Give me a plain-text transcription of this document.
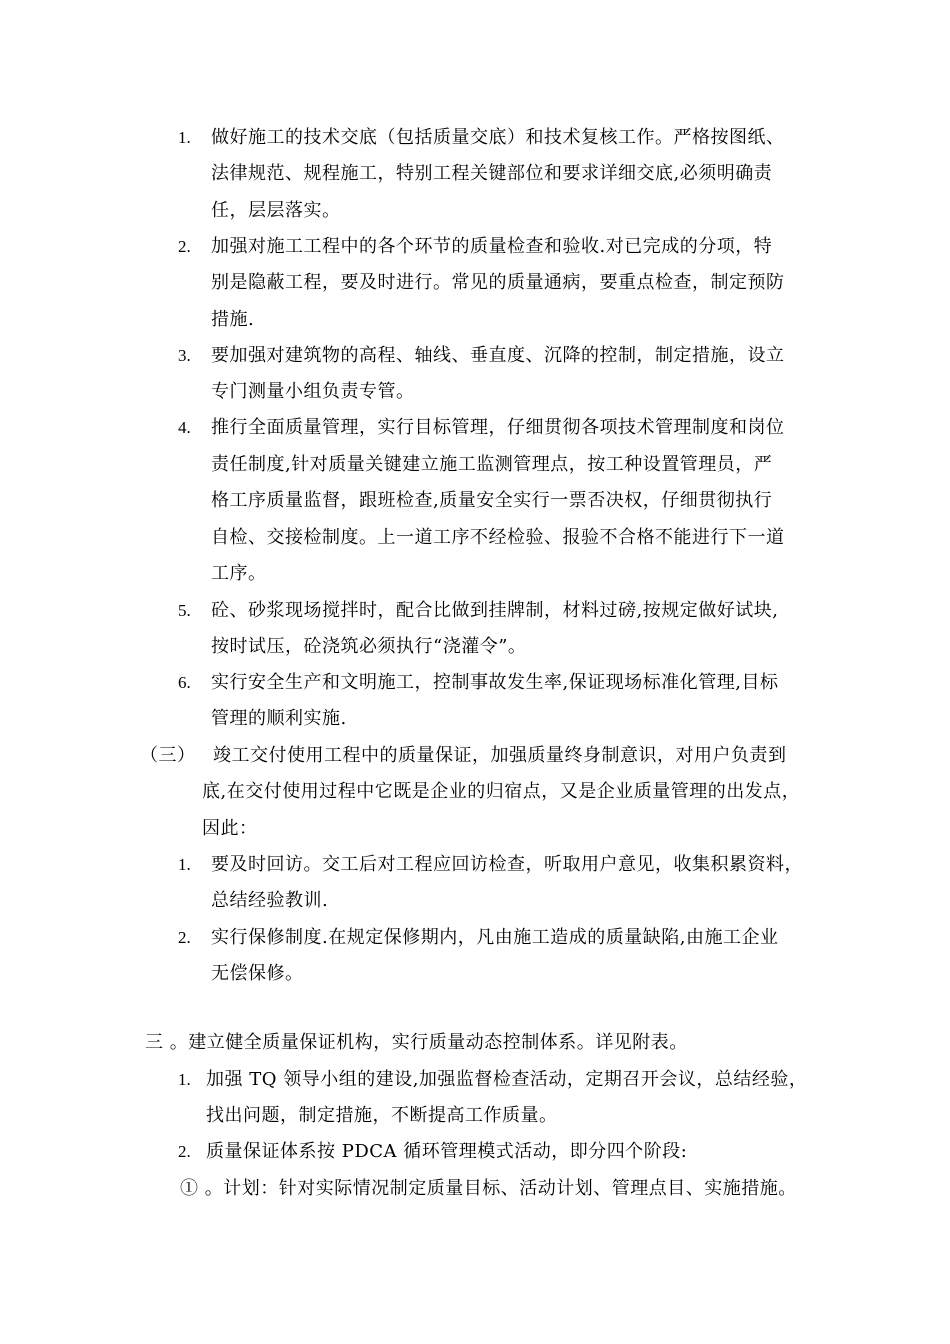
1. 做好施工的技术交底（包括质量交底）和技术复核工作。严格按图纸、
法律规范、规程施工，特别工程关键部位和要求详细交底,必须明确责
任，层层落实。
2. 加强对施工工程中的各个环节的质量检查和验收.对已完成的分项，特
别是隐蔽工程，要及时进行。常见的质量通病，要重点检查，制定预防
措施.
3. 要加强对建筑物的高程、轴线、垂直度、沉降的控制，制定措施，设立
专门测量小组负责专管。
4. 推行全面质量管理，实行目标管理，仔细贯彻各项技术管理制度和岗位
责任制度,针对质量关键建立施工监测管理点，按工种设置管理员，严
格工序质量监督，跟班检查,质量安全实行一票否决权，仔细贯彻执行
自检、交接检制度。上一道工序不经检验、报验不合格不能进行下一道
工序。
5. 砼、砂浆现场搅拌时，配合比做到挂牌制，材料过磅,按规定做好试块,
按时试压，砼浇筑必须执行“浇灌令”。
6. 实行安全生产和文明施工，控制事故发生率,保证现场标准化管理,目标
管理的顺利实施.
（三） 竣工交付使用工程中的质量保证，加强质量终身制意识，对用户负责到
底,在交付使用过程中它既是企业的归宿点，又是企业质量管理的出发点，
因此：
1. 要及时回访。交工后对工程应回访检查，听取用户意见，收集积累资料，
总结经验教训.
2. 实行保修制度.在规定保修期内，凡由施工造成的质量缺陷,由施工企业
无偿保修。
三 。建立健全质量保证机构，实行质量动态控制体系。详见附表。
1. 加强 TQ 领导小组的建设,加强监督检查活动，定期召开会议，总结经验，
找出问题，制定措施，不断提高工作质量。
2. 质量保证体系按 PDCA 循环管理模式活动，即分四个阶段:
① 。计划：针对实际情况制定质量目标、活动计划、管理点目、实施措施。
